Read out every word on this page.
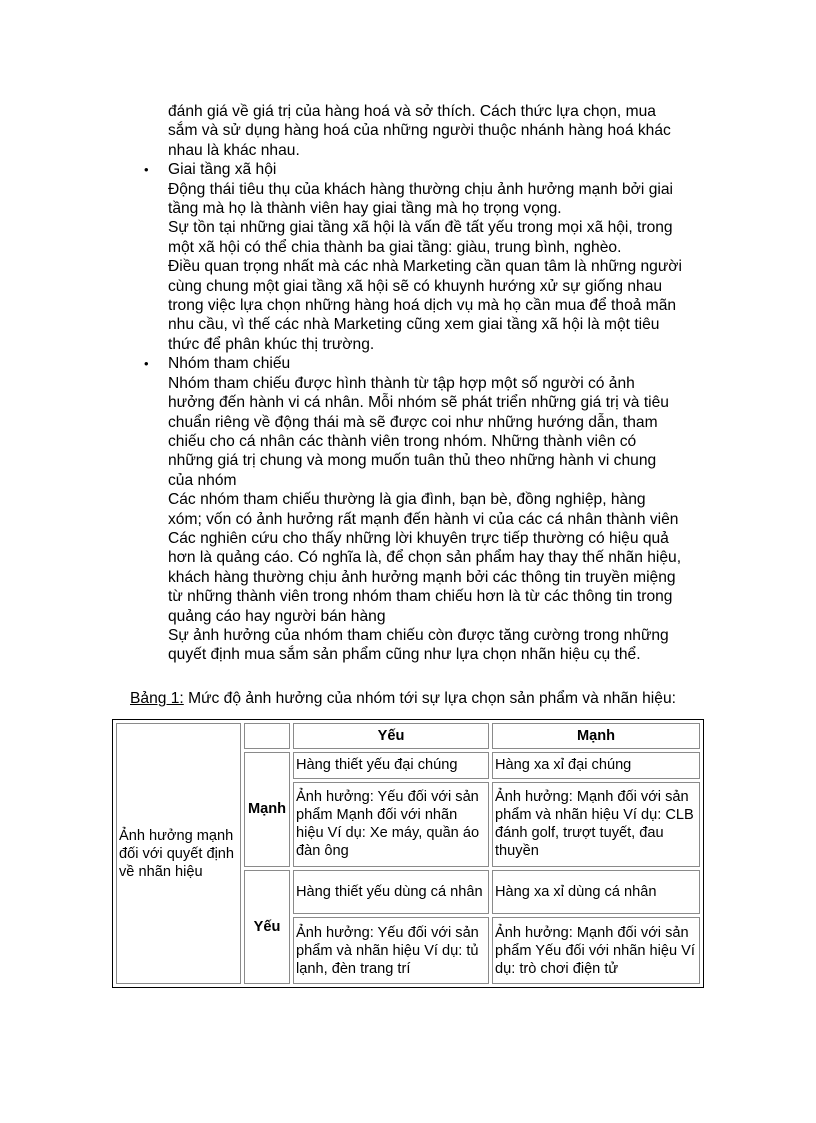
đánh giá về giá trị của hàng hoá và sở thích. Cách thức lựa chọn, mua
sắm và sử dụng hàng hoá của những người thuộc nhánh hàng hoá khác
nhau là khác nhau.
• Giai tầng xã hội
Động thái tiêu thụ của khách hàng thường chịu ảnh hưởng mạnh bởi giai
tầng mà họ là thành viên hay giai tầng mà họ trọng vọng.
Sự tồn tại những giai tầng xã hội là vấn đề tất yếu trong mọi xã hội, trong
một xã hội có thể chia thành ba giai tầng: giàu, trung bình, nghèo.
Điều quan trọng nhất mà các nhà Marketing cần quan tâm là những người
cùng chung một giai tầng xã hội sẽ có khuynh hướng xử sự giống nhau
trong việc lựa chọn những hàng hoá dịch vụ mà họ cần mua để thoả mãn
nhu cầu, vì thế các nhà Marketing cũng xem giai tầng xã hội là một tiêu
thức để phân khúc thị trường.
• Nhóm tham chiếu
Nhóm tham chiếu được hình thành từ tập hợp một số người có ảnh
hưởng đến hành vi cá nhân. Mỗi nhóm sẽ phát triển những giá trị và tiêu
chuẩn riêng về động thái mà sẽ được coi như những hướng dẫn, tham
chiếu cho cá nhân các thành viên trong nhóm. Những thành viên có
những giá trị chung và mong muốn tuân thủ theo những hành vi chung
của nhóm
Các nhóm tham chiếu thường là gia đình, bạn bè, đồng nghiệp, hàng
xóm; vốn có ảnh hưởng rất mạnh đến hành vi của các cá nhân thành viên
Các nghiên cứu cho thấy những lời khuyên trực tiếp thường có hiệu quả
hơn là quảng cáo. Có nghĩa là, để chọn sản phẩm hay thay thế nhãn hiệu,
khách hàng thường chịu ảnh hưởng mạnh bởi các thông tin truyền miệng
từ những thành viên trong nhóm tham chiếu hơn là từ các thông tin trong
quảng cáo hay người bán hàng
Sự ảnh hưởng của nhóm tham chiếu còn được tăng cường trong những
quyết định mua sắm sản phẩm cũng như lựa chọn nhãn hiệu cụ thể.
Bảng 1: Mức độ ảnh hưởng của nhóm tới sự lựa chọn sản phẩm và nhãn hiệu:
Ảnh hưởng mạnh đối với quyết định về nhãn hiệu		Yếu	Mạnh
	Mạnh	Hàng thiết yếu đại chúng	Hàng xa xỉ đại chúng
		Ảnh hưởng: Yếu đối với sản phẩm Mạnh đối với nhãn hiệu Ví dụ: Xe máy, quần áo đàn ông	Ảnh hưởng: Mạnh đối với sản phẩm và nhãn hiệu Ví dụ: CLB đánh golf, trượt tuyết, đau thuyền
	Yếu	Hàng thiết yếu dùng cá nhân	Hàng xa xỉ dùng cá nhân
		Ảnh hưởng: Yếu đối với sản phẩm và nhãn hiệu Ví dụ: tủ lạnh, đèn trang trí	Ảnh hưởng: Mạnh đối với sản phẩm Yếu đối với nhãn hiệu Ví dụ: trò chơi điện tử
